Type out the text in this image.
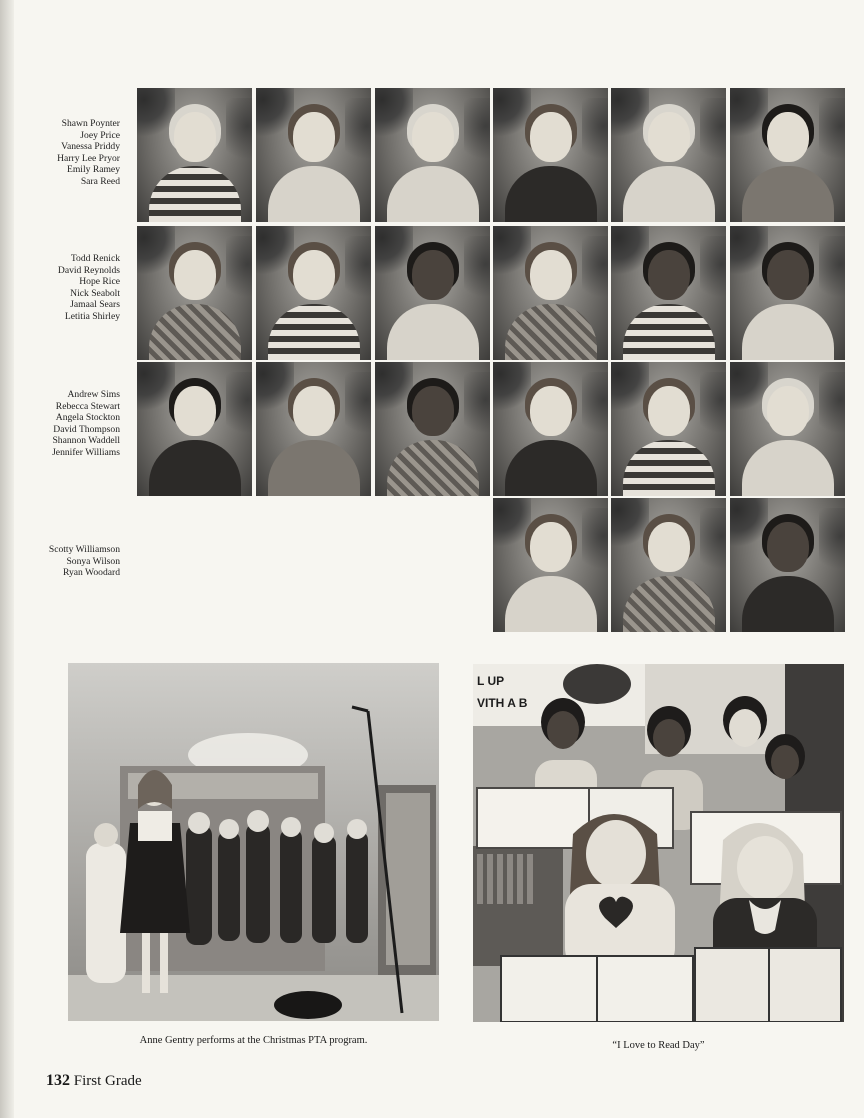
Shawn Poynter
Joey Price
Vanessa Priddy
Harry Lee Pryor
Emily Ramey
Sara Reed
Todd Renick
David Reynolds
Hope Rice
Nick Seabolt
Jamaal Sears
Letitia Shirley
Andrew Sims
Rebecca Stewart
Angela Stockton
David Thompson
Shannon Waddell
Jennifer Williams
Scotty Williamson
Sonya Wilson
Ryan Woodard
Anne Gentry performs at the Christmas PTA program.
L UP
VITH A B
“I Love to Read Day”
132 First Grade
